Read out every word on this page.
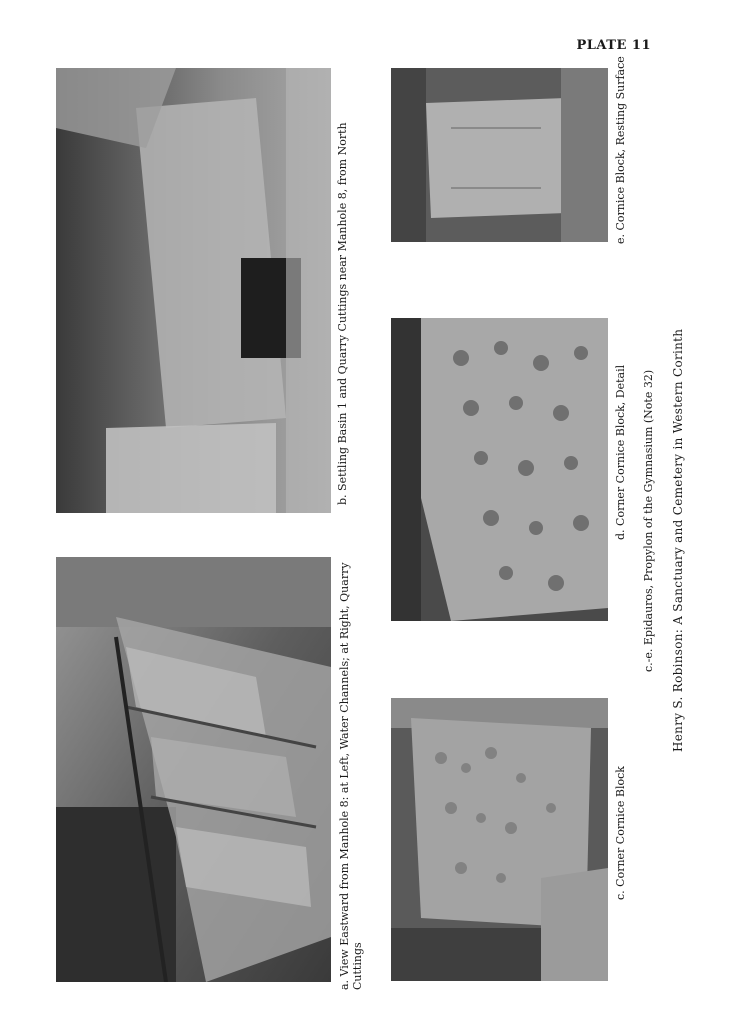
PLATE 11
a. View Eastward from Manhole 8: at Left, Water Channels; at Right, Quarry Cuttings
b. Settling Basin 1 and Quarry Cuttings near Manhole 8, from North
c. Corner Cornice Block
d. Corner Cornice Block, Detail
e. Cornice Block, Resting Surface
c.-e. Epidauros, Propylon of the Gymnasium (Note 32) Henry S. Robinson: A Sanctuary and Cemetery in Western Corinth
